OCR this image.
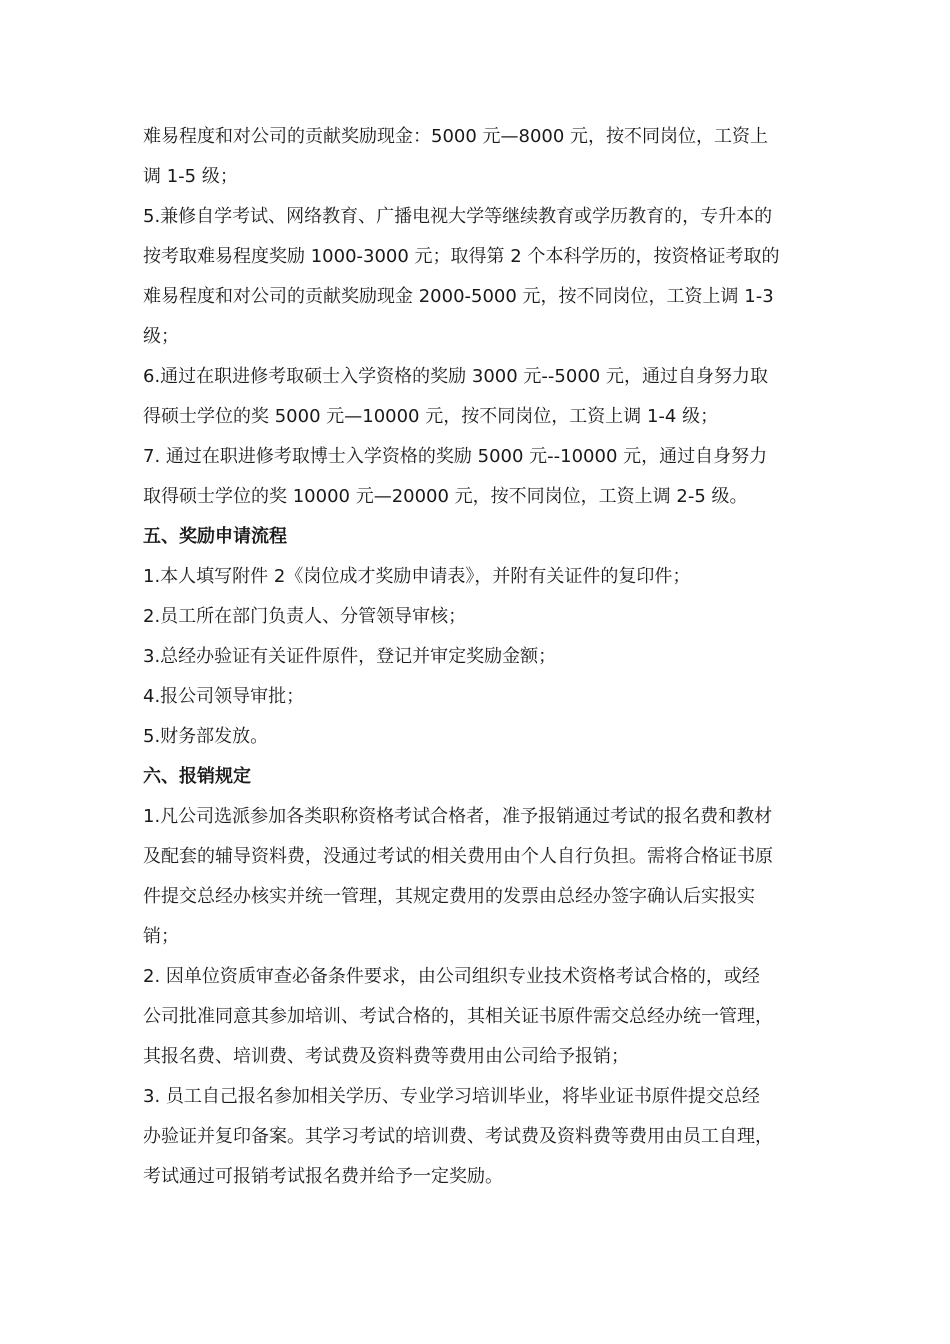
难易程度和对公司的贡献奖励现金：5000 元—8000 元，按不同岗位，工资上
调 1-5 级；
5.兼修自学考试、网络教育、广播电视大学等继续教育或学历教育的，专升本的
按考取难易程度奖励 1000-3000 元；取得第 2 个本科学历的，按资格证考取的
难易程度和对公司的贡献奖励现金 2000-5000 元，按不同岗位，工资上调 1-3
级；
6.通过在职进修考取硕士入学资格的奖励 3000 元--5000 元，通过自身努力取
得硕士学位的奖 5000 元—10000 元，按不同岗位，工资上调 1-4 级；
7. 通过在职进修考取博士入学资格的奖励 5000 元--10000 元，通过自身努力
取得硕士学位的奖 10000 元—20000 元，按不同岗位，工资上调 2-5 级。
五、奖励申请流程
1.本人填写附件 2《岗位成才奖励申请表》，并附有关证件的复印件；
2.员工所在部门负责人、分管领导审核；
3.总经办验证有关证件原件，登记并审定奖励金额；
4.报公司领导审批；
5.财务部发放。
六、报销规定
1.凡公司选派参加各类职称资格考试合格者，准予报销通过考试的报名费和教材
及配套的辅导资料费，没通过考试的相关费用由个人自行负担。需将合格证书原
件提交总经办核实并统一管理，其规定费用的发票由总经办签字确认后实报实
销；
2. 因单位资质审查必备条件要求，由公司组织专业技术资格考试合格的，或经
公司批准同意其参加培训、考试合格的，其相关证书原件需交总经办统一管理，
其报名费、培训费、考试费及资料费等费用由公司给予报销；
3. 员工自己报名参加相关学历、专业学习培训毕业，将毕业证书原件提交总经
办验证并复印备案。其学习考试的培训费、考试费及资料费等费用由员工自理，
考试通过可报销考试报名费并给予一定奖励。
